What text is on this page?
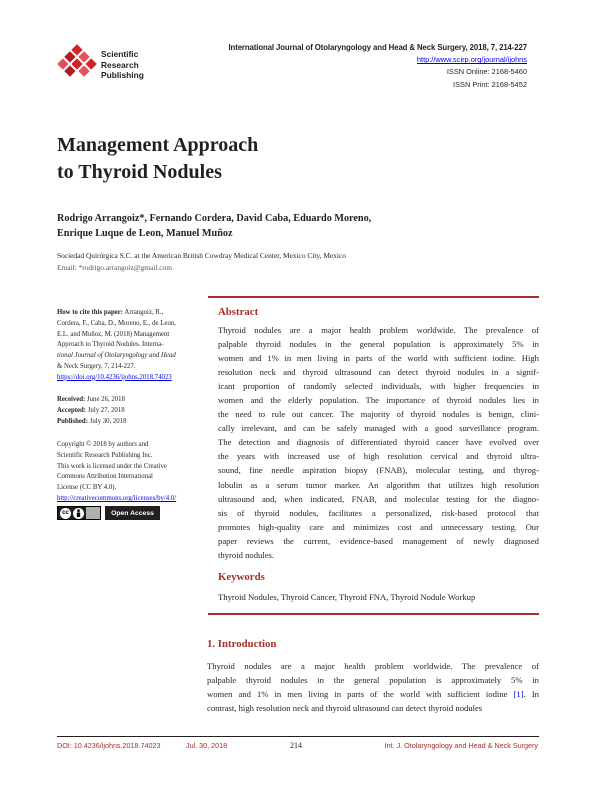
Scientific
Research
Publishing
International Journal of Otolaryngology and Head & Neck Surgery, 2018, 7, 214-227
http://www.scirp.org/journal/ijohns
ISSN Online: 2168-5460
ISSN Print: 2168-5452
Management Approach
to Thyroid Nodules
Rodrigo Arrangoiz*, Fernando Cordera, David Caba, Eduardo Moreno,
Enrique Luque de Leon, Manuel Muñoz
Sociedad Quirúrgica S.C. at the American British Cowdray Medical Center, Mexico City, Mexico
Email: *rodrigo.arrangoiz@gmail.com
How to cite this paper: Arrangoiz, R.,
Cordera, F., Caba, D., Moreno, E., de Leon,
E.L. and Muñoz, M. (2018) Management
Approach to Thyroid Nodules. Interna-
tional Journal of Otolaryngology and Head
& Neck Surgery, 7, 214-227.
https://doi.org/10.4236/ijohns.2018.74023
Received: June 26, 2018
Accepted: July 27, 2018
Published: July 30, 2018
Copyright © 2018 by authors and
Scientific Research Publishing Inc.
This work is licensed under the Creative
Commons Attribution International
License (CC BY 4.0).
http://creativecommons.org/licenses/by/4.0/
cc	Open Access
Abstract
Thyroid nodules are a major health problem worldwide. The prevalence of
palpable thyroid nodules in the general population is approximately 5% in
women and 1% in men living in parts of the world with sufficient iodine. High
resolution neck and thyroid ultrasound can detect thyroid nodules in a signif-
icant proportion of randomly selected individuals, with higher frequencies in
women and the elderly population. The importance of thyroid nodules lies in
the need to rule out cancer. The majority of thyroid nodules is benign, clini-
cally irrelevant, and can be safely managed with a good surveillance program.
The detection and diagnosis of differentiated thyroid cancer have evolved over
the years with increased use of high resolution cervical and thyroid ultra-
sound, fine needle aspiration biopsy (FNAB), molecular testing, and thyrog-
lobulin as a serum tumor marker. An algorithm that utilizes high resolution
ultrasound and, when indicated, FNAB, and molecular testing for the diagno-
sis of thyroid nodules, facilitates a personalized, risk-based protocol that
promotes high-quality care and minimizes cost and unnecessary testing. Our
paper reviews the current, evidence-based management of newly diagnosed
thyroid nodules.
Keywords
Thyroid Nodules, Thyroid Cancer, Thyroid FNA, Thyroid Nodule Workup
1. Introduction
Thyroid nodules are a major health problem worldwide. The prevalence of
palpable thyroid nodules in the general population is approximately 5% in
women and 1% in men living in parts of the world with sufficient iodine [1]. In
contrast, high resolution neck and thyroid ultrasound can detect thyroid nodules
DOI: 10.4236/ijohns.2018.74023	Jul. 30, 2018	214	Int. J. Otolaryngology and Head & Neck Surgery
